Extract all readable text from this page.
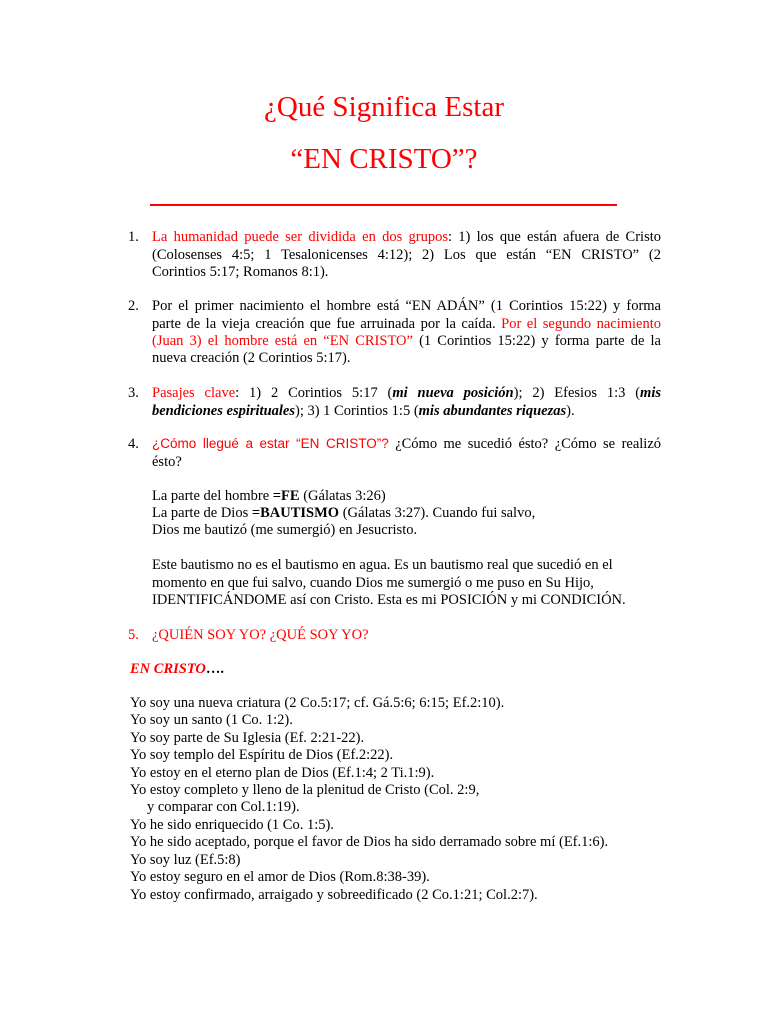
¿Qué Significa Estar
“EN CRISTO”?
1. La humanidad puede ser dividida en dos grupos: 1) los que están afuera de Cristo
(Colosenses 4:5; 1 Tesalonicenses 4:12); 2) Los que están “EN CRISTO” (2
Corintios 5:17; Romanos 8:1).
2. Por el primer nacimiento el hombre está “EN ADÁN” (1 Corintios 15:22) y forma
parte de la vieja creación que fue arruinada por la caída. Por el segundo nacimiento
(Juan 3) el hombre está en “EN CRISTO” (1 Corintios 15:22) y forma parte de la
nueva creación (2 Corintios 5:17).
3. Pasajes clave: 1) 2 Corintios 5:17 (mi nueva posición); 2) Efesios 1:3 (mis
bendiciones espirituales); 3) 1 Corintios 1:5 (mis abundantes riquezas).
4. ¿Cómo llegué a estar “EN CRISTO”? ¿Cómo me sucedió ésto? ¿Cómo se realizó
ésto?
La parte del hombre =FE (Gálatas 3:26)
La parte de Dios =BAUTISMO (Gálatas 3:27). Cuando fui salvo,
Dios me bautizó (me sumergió) en Jesucristo.
Este bautismo no es el bautismo en agua. Es un bautismo real que sucedió en el
momento en que fui salvo, cuando Dios me sumergió o me puso en Su Hijo,
IDENTIFICÁNDOME así con Cristo. Esta es mi POSICIÓN y mi CONDICIÓN.
5. ¿QUIÉN SOY YO? ¿QUÉ SOY YO?
EN CRISTO….
Yo soy una nueva criatura (2 Co.5:17; cf. Gá.5:6; 6:15; Ef.2:10).
Yo soy un santo (1 Co. 1:2).
Yo soy parte de Su Iglesia (Ef. 2:21-22).
Yo soy templo del Espíritu de Dios (Ef.2:22).
Yo estoy en el eterno plan de Dios (Ef.1:4; 2 Ti.1:9).
Yo estoy completo y lleno de la plenitud de Cristo (Col. 2:9,
y comparar con Col.1:19).
Yo he sido enriquecido (1 Co. 1:5).
Yo he sido aceptado, porque el favor de Dios ha sido derramado sobre mí (Ef.1:6).
Yo soy luz (Ef.5:8)
Yo estoy seguro en el amor de Dios (Rom.8:38-39).
Yo estoy confirmado, arraigado y sobreedificado (2 Co.1:21; Col.2:7).
